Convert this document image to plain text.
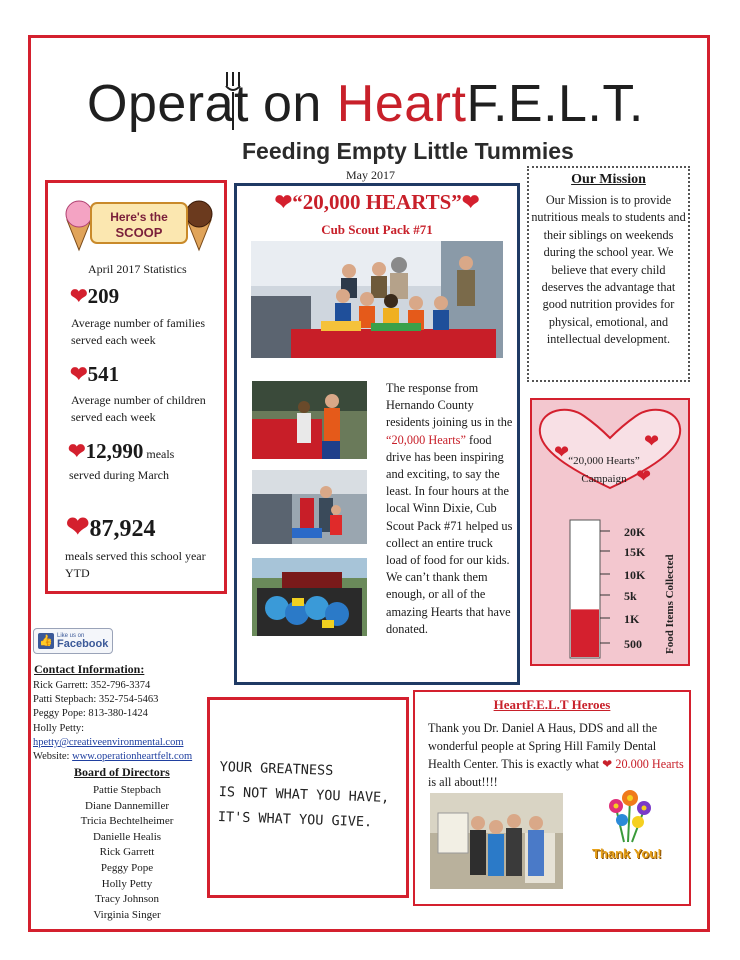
Operat on HeartF.E.L.T.
Feeding Empty Little Tummies
May 2017
Here's the
SCOOP
April 2017 Statistics
❤209
Average number of families served each week
❤541
Average number of children served each week
❤12,990 meals
served during March
❤87,924
meals served this school year YTD
👍 Like us on
Facebook
Contact Information:
Rick Garrett: 352-796-3374
Patti Stepbach: 352-754-5463
Peggy Pope: 813-380-1424
Holly Petty:
hpetty@creativeenvironmental.com
Website: www.operationheartfelt.com
Board of Directors
Pattie Stepbach
Diane Dannemiller
Tricia Bechtelheimer
Danielle Healis
Rick Garrett
Peggy Pope
Holly Petty
Tracy Johnson
Virginia Singer
❤“20,000 HEARTS”❤
Cub Scout Pack #71
The response from Hernando County residents joining us in the “20,000 Hearts” food drive has been inspiring and exciting, to say the least. In four hours at the local Winn Dixie, Cub Scout Pack #71 helped us collect an entire truck load of food for our kids. We can’t thank them enough, or all of the amazing Hearts that have donated.
Our Mission
Our Mission is to provide nutritious meals to students and their siblings on weekends during the school year. We believe that every child deserves the advantage that good nutrition provides for physical, emotional, and intellectual development.
❤
❤
❤
“20,000 Hearts”
Campaign
20K
15K
10K
5k
1K
500 Food Items Collected
YOUR GREATNESS
IS NOT WHAT YOU HAVE,
IT'S WHAT YOU GIVE.
HeartF.E.L.T Heroes
Thank you Dr. Daniel A Haus, DDS and all the wonderful people at Spring Hill Family Dental Health Center. This is exactly what ❤ 20.000 Hearts is all about!!!!
Thank You!
